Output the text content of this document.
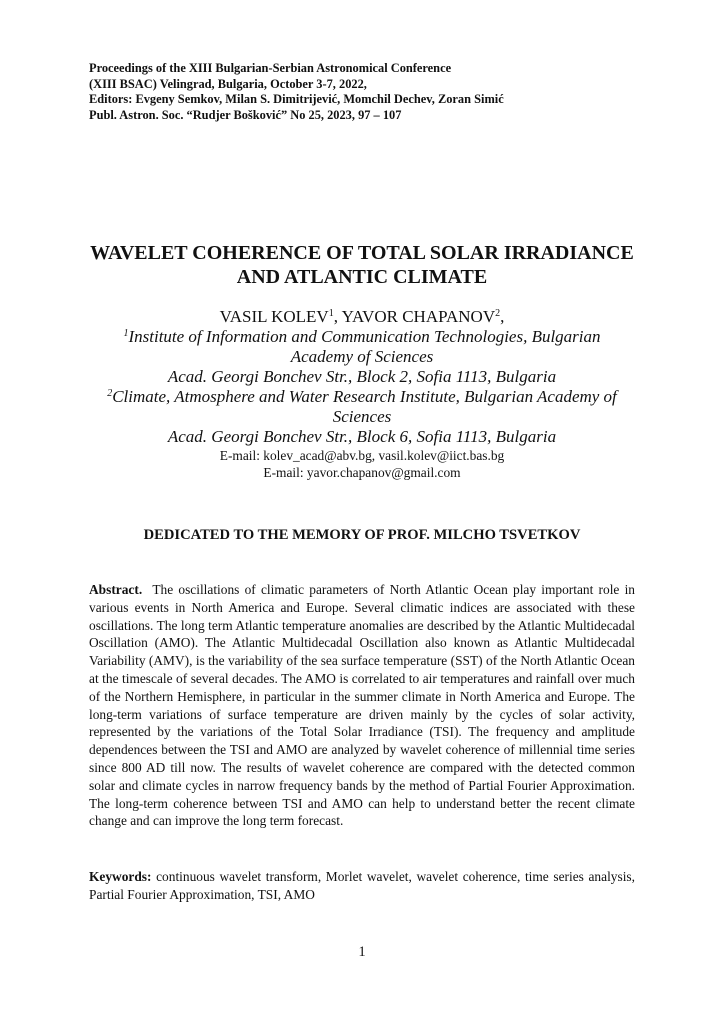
Proceedings of the XIII Bulgarian-Serbian Astronomical Conference
(XIII BSAC) Velingrad, Bulgaria, October 3-7, 2022,
Editors: Evgeny Semkov, Milan S. Dimitrijević, Momchil Dechev, Zoran Simić
Publ. Astron. Soc. “Rudjer Bošković” No 25, 2023, 97 – 107
WAVELET COHERENCE OF TOTAL SOLAR IRRADIANCE
AND ATLANTIC CLIMATE
VASIL KOLEV$^1$, YAVOR CHAPANOV$^2$,
$^1$Institute of Information and Communication Technologies, Bulgarian
Academy of Sciences
Acad. Georgi Bonchev Str., Block 2, Sofia 1113, Bulgaria
$^2$Climate, Atmosphere and Water Research Institute, Bulgarian Academy of
Sciences
Acad. Georgi Bonchev Str., Block 6, Sofia 1113, Bulgaria
E-mail: kolev_acad@abv.bg, vasil.kolev@iict.bas.bg
E-mail: yavor.chapanov@gmail.com
DEDICATED TO THE MEMORY OF PROF. MILCHO TSVETKOV

Abstract. The oscillations of climatic parameters of North Atlantic Ocean play important role in various events in North America and Europe. Several climatic indices are associated with these oscillations. The long term Atlantic temperature anomalies are described by the Atlantic Multidecadal Oscillation (AMO). The Atlantic Multidecadal Oscillation also known as Atlantic Multidecadal Variability (AMV), is the variability of the sea surface temperature (SST) of the North Atlantic Ocean at the timescale of several decades. The AMO is correlated to air temperatures and rainfall over much of the Northern Hemisphere, in particular in the summer climate in North America and Europe. The long-term variations of surface temperature are driven mainly by the cycles of solar activity, represented by the variations of the Total Solar Irradiance (TSI). The frequency and amplitude dependences between the TSI and AMO are analyzed by wavelet coherence of millennial time series since 800 AD till now. The results of wavelet coherence are compared with the detected common solar and climate cycles in narrow frequency bands by the method of Partial Fourier Approximation. The long-term coherence between TSI and AMO can help to understand better the recent climate change and can improve the long term forecast.

Keywords: continuous wavelet transform, Morlet wavelet, wavelet coherence, time series analysis, Partial Fourier Approximation, TSI, AMO

1
